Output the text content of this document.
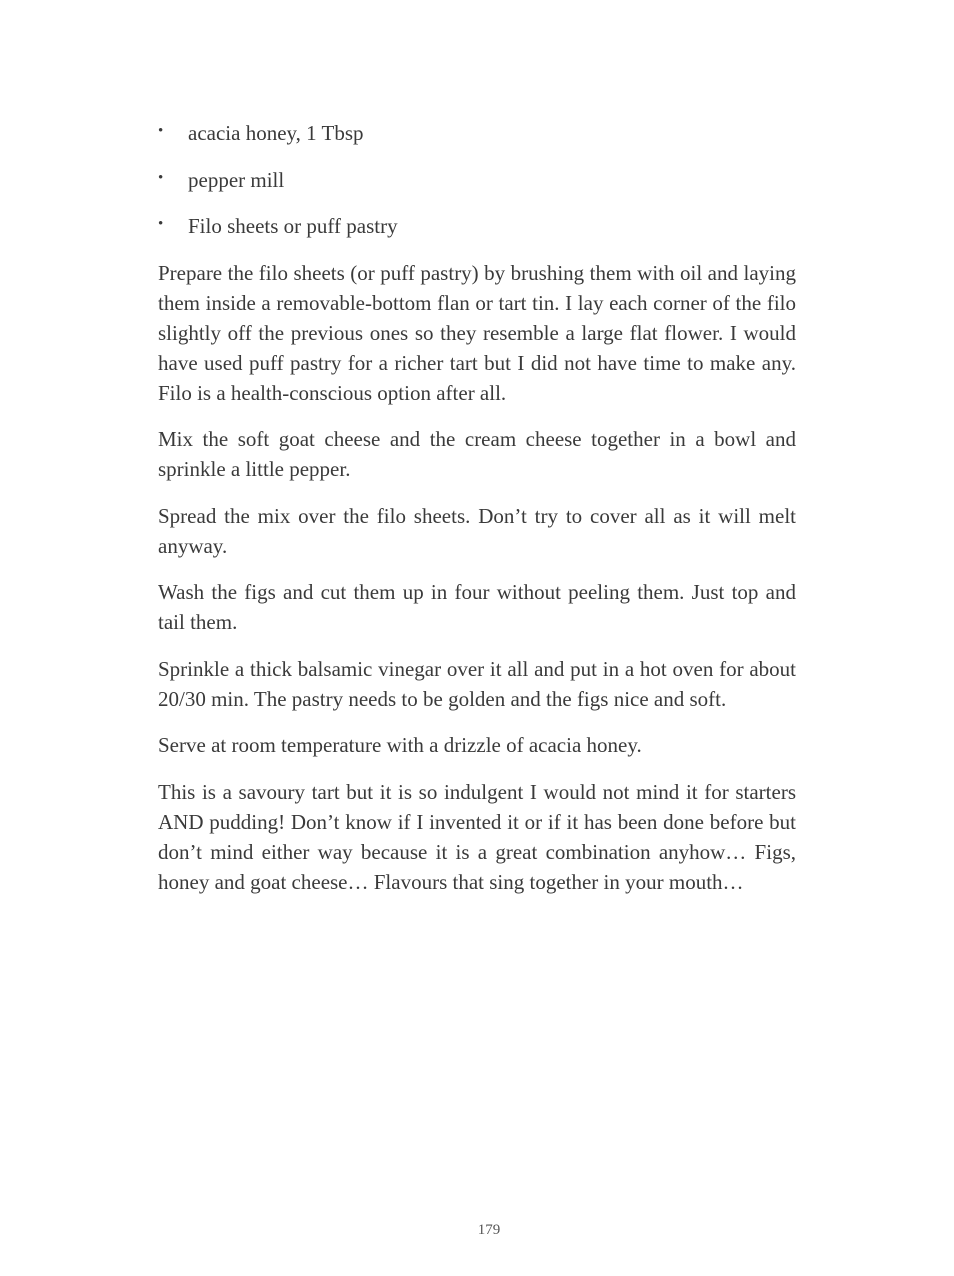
• acacia honey, 1 Tbsp
• pepper mill
• Filo sheets or puff pastry

Prepare the filo sheets (or puff pastry) by brushing them with oil and laying them inside a removable-bottom flan or tart tin. I lay each corner of the filo slightly off the previous ones so they resemble a large flat flower. I would have used puff pastry for a richer tart but I did not have time to make any. Filo is a health-conscious option after all.

Mix the soft goat cheese and the cream cheese together in a bowl and sprinkle a little pepper.

Spread the mix over the filo sheets. Don’t try to cover all as it will melt anyway.

Wash the figs and cut them up in four without peeling them. Just top and tail them.

Sprinkle a thick balsamic vinegar over it all and put in a hot oven for about 20/30 min. The pastry needs to be golden and the figs nice and soft.

Serve at room temperature with a drizzle of acacia honey.

This is a savoury tart but it is so indulgent I would not mind it for starters AND pudding! Don’t know if I invented it or if it has been done before but don’t mind either way because it is a great combination anyhow… Figs, honey and goat cheese… Flavours that sing together in your mouth…

179
